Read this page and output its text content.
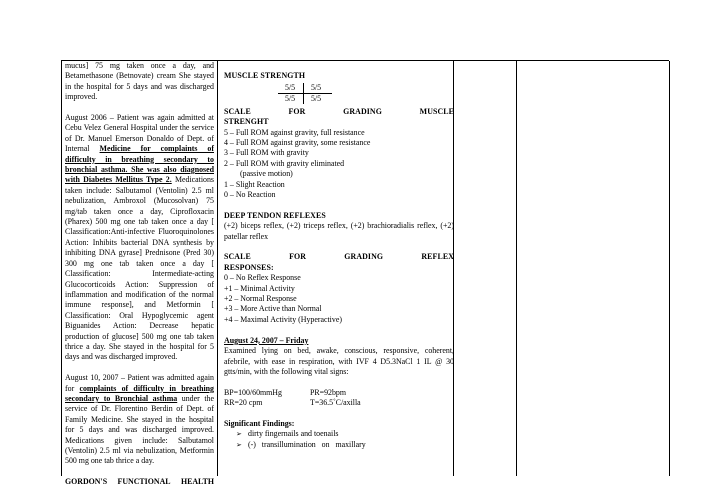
mucus] 75 mg taken once a day, and Betamethasone (Betnovate) cream She stayed in the hospital for 5 days and was discharged improved.

August 2006 – Patient was again admitted at Cebu Velez General Hospital under the service of Dr. Manuel Emerson Donaldo of Dept. of Internal Medicine for complaints of difficulty in breathing secondary to bronchial asthma. She was also diagnosed with Diabetes Mellitus Type 2. Medications taken include: Salbutamol (Ventolin) 2.5 ml nebulization, Ambroxol (Mucosolvan) 75 mg/tab taken once a day, Ciprofloxacin (Pharex) 500 mg one tab taken once a day [ Classification:Anti-infective Fluoroquinolones Action: Inhibits bacterial DNA synthesis by inhibiting DNA gyrase] Prednisone (Pred 30) 300 mg one tab taken once a day [ Classification: Intermediate-acting Glucocorticoids Action: Suppression of inflammation and modification of the normal immune response], and Metformin [ Classification: Oral Hypoglycemic agent Biguanides Action: Decrease hepatic production of glucose] 500 mg one tab taken thrice a day. She stayed in the hospital for 5 days and was discharged improved.

August 10, 2007 – Patient was admitted again for complaints of difficulty in breathing secondary to Bronchial asthma under the service of Dr. Florentino Berdin of Dept. of Family Medicine. She stayed in the hospital for 5 days and was discharged improved. Medications given include: Salbutamol (Ventolin) 2.5 ml via nebulization, Metformin 500 mg one tab thrice a day.

GORDON'S FUNCTIONAL HEALTH
MUSCLE STRENGTH
5/5	5/5
5/5	5/5
SCALE	FOR	GRADING	MUSCLE
STRENGHT
5 – Full ROM against gravity, full resistance
4 – Full ROM against gravity, some resistance
3 – Full ROM with gravity
2 – Full ROM with gravity eliminated
(passive motion)
1 – Slight Reaction
0 – No Reaction
DEEP TENDON REFLEXES

(+2) biceps reflex, (+2) triceps reflex, (+2) brachioradialis reflex, (+2) patellar reflex

SCALE	FOR	GRADING	REFLEX
RESPONSES:
0 – No Reflex Response
+1 – Minimal Activity
+2 – Normal Response
+3 – More Active than Normal
+4 – Maximal Activity (Hyperactive)
August 24, 2007 – Friday

Examined lying on bed, awake, conscious, responsive, coherent, afebrile, with ease in respiration, with IVF 4 D5.3NaCl 1 IL @ 30 gtts/min, with the following vital signs:

BP=100/60mmHg	PR=92bpm
RR=20 cpm	T=36.5˚C/axilla
Significant Findings:
➢ dirty fingernails and toenails
➢ (-)   transillumination   on   maxillary
